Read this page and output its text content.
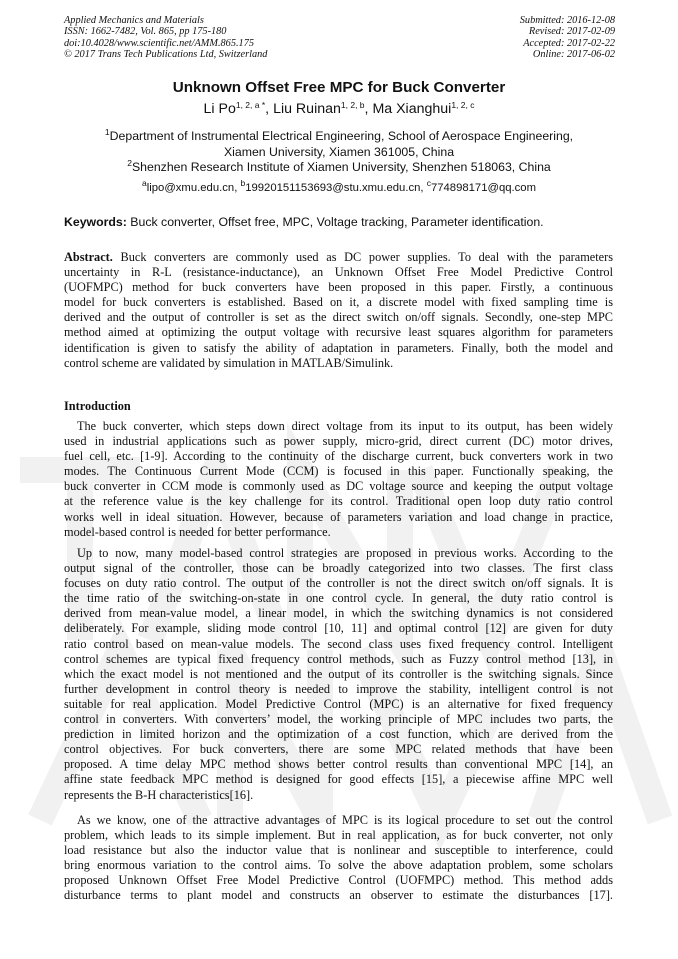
Applied Mechanics and Materials
ISSN: 1662-7482, Vol. 865, pp 175-180
doi:10.4028/www.scientific.net/AMM.865.175
© 2017 Trans Tech Publications Ltd, Switzerland
Submitted: 2016-12-08
Revised: 2017-02-09
Accepted: 2017-02-22
Online: 2017-06-02
Unknown Offset Free MPC for Buck Converter
Li $Po^{1, 2, a *}$, Liu Ruinan$^{1, 2, b}$, Ma Xianghui$^{1, 2, c}$
$^1$Department of Instrumental Electrical Engineering, School of Aerospace Engineering,
Xiamen University, Xiamen 361005, China
$^2$Shenzhen Research Institute of Xiamen University, Shenzhen 518063, China
$^a$lipo@xmu.edu.cn, $^b$19920151153693@stu.xmu.edu.cn, $^c$774898171@qq.com
Keywords: Buck converter, Offset free, MPC, Voltage tracking, Parameter identification.
Abstract. Buck converters are commonly used as DC power supplies. To deal with the parameters
uncertainty in R-L (resistance-inductance), an Unknown Offset Free Model Predictive Control
(UOFMPC) method for buck converters have been proposed in this paper. Firstly, a continuous
model for buck converters is established. Based on it, a discrete model with fixed sampling time is
derived and the output of controller is set as the direct switch on/off signals. Secondly, one-step MPC
method aimed at optimizing the output voltage with recursive least squares algorithm for parameters
identification is given to satisfy the ability of adaptation in parameters. Finally, both the model and
control scheme are validated by simulation in MATLAB/Simulink.
Introduction
The buck converter, which steps down direct voltage from its input to its output, has been widely
used in industrial applications such as power supply, micro-grid, direct current (DC) motor drives,
fuel cell, etc. [1-9]. According to the continuity of the discharge current, buck converters work in two
modes. The Continuous Current Mode (CCM) is focused in this paper. Functionally speaking, the
buck converter in CCM mode is commonly used as DC voltage source and keeping the output voltage
at the reference value is the key challenge for its control. Traditional open loop duty ratio control
works well in ideal situation. However, because of parameters variation and load change in practice,
model-based control is needed for better performance.
Up to now, many model-based control strategies are proposed in previous works. According to the
output signal of the controller, those can be broadly categorized into two classes. The first class
focuses on duty ratio control. The output of the controller is not the direct switch on/off signals. It is
the time ratio of the switching-on-state in one control cycle. In general, the duty ratio control is
derived from mean-value model, a linear model, in which the switching dynamics is not considered
deliberately. For example, sliding mode control [10, 11] and optimal control [12] are given for duty
ratio control based on mean-value models. The second class uses fixed frequency control. Intelligent
control schemes are typical fixed frequency control methods, such as Fuzzy control method [13], in
which the exact model is not mentioned and the output of its controller is the switching signals. Since
further development in control theory is needed to improve the stability, intelligent control is not
suitable for real application. Model Predictive Control (MPC) is an alternative for fixed frequency
control in converters. With converters’ model, the working principle of MPC includes two parts, the
prediction in limited horizon and the optimization of a cost function, which are derived from the
control objectives. For buck converters, there are some MPC related methods that have been
proposed. A time delay MPC method shows better control results than conventional MPC [14], an
affine state feedback MPC method is designed for good effects [15], a piecewise affine MPC well
represents the B-H characteristics[16].
As we know, one of the attractive advantages of MPC is its logical procedure to set out the control
problem, which leads to its simple implement. But in real application, as for buck converter, not only
load resistance but also the inductor value that is nonlinear and susceptible to interference, could
bring enormous variation to the control aims. To solve the above adaptation problem, some scholars
proposed Unknown Offset Free Model Predictive Control (UOFMPC) method. This method adds
disturbance terms to plant model and constructs an observer to estimate the disturbances [17].
